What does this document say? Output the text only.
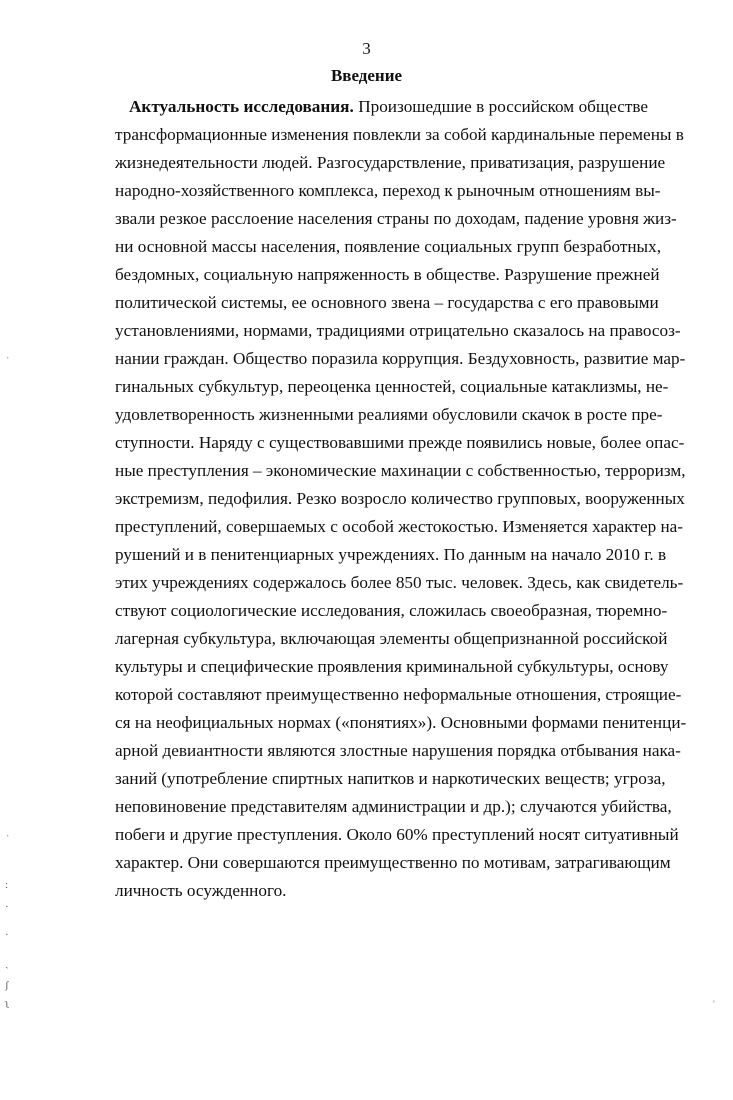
3
Введение
Актуальность исследования. Произошедшие в российском обществе
трансформационные изменения повлекли за собой кардинальные перемены в
жизнедеятельности людей. Разгосударствление, приватизация, разрушение
народно-хозяйственного комплекса, переход к рыночным отношениям вы-
звали резкое расслоение населения страны по доходам, падение уровня жиз-
ни основной массы населения, появление социальных групп безработных,
бездомных, социальную напряженность в обществе. Разрушение прежней
политической системы, ее основного звена – государства с его правовыми
установлениями, нормами, традициями отрицательно сказалось на правосоз-
нании граждан. Общество поразила коррупция. Бездуховность, развитие мар-
гинальных субкультур, переоценка ценностей, социальные катаклизмы, не-
удовлетворенность жизненными реалиями обусловили скачок в росте пре-
ступности. Наряду с существовавшими прежде появились новые, более опас-
ные преступления – экономические махинации с собственностью, терроризм,
экстремизм, педофилия. Резко возросло количество групповых, вооруженных
преступлений, совершаемых с особой жестокостью. Изменяется характер на-
рушений и в пенитенциарных учреждениях. По данным на начало 2010 г. в
этих учреждениях содержалось более 850 тыс. человек. Здесь, как свидетель-
ствуют социологические исследования, сложилась своеобразная, тюремно-
лагерная субкультура, включающая элементы общепризнанной российской
культуры и специфические проявления криминальной субкультуры, основу
которой составляют преимущественно неформальные отношения, строящие-
ся на неофициальных нормах («понятиях»). Основными формами пенитенци-
арной девиантности являются злостные нарушения порядка отбывания нака-
заний (употребление спиртных напитков и наркотических веществ; угроза,
неповиновение представителям администрации и др.); случаются убийства,
побеги и другие преступления. Около 60% преступлений носят ситуативный
характер. Они совершаются преимущественно по мотивам, затрагивающим
личность осужденного.
ˌ
ˌ
:
·
·
ˏ
ʃ
ʅ	ʾ
